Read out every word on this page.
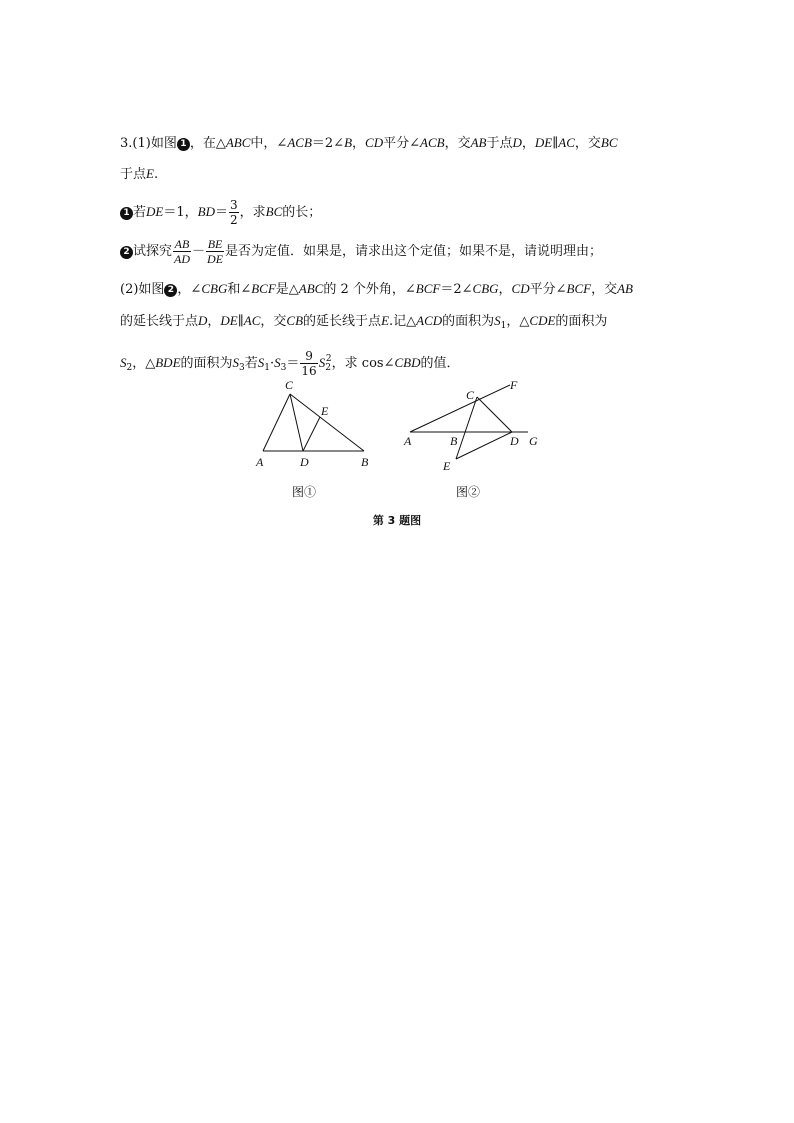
3.(1)如图 1 ，在△ABC中，∠ACB＝2∠B，CD平分∠ACB，交AB于点D，DE∥AC，交BC
于点E.
1 若DE＝1，$BD= \frac{3}{2}$ ，求BC的长；
2 试探究 $\frac{AB}{AD} - \frac{BE}{DE}$ 是否为定值．如果是，请求出这个定值；如果不是，请说明理由；
(2)如图 2 ，∠CBG和∠BCF是△ABC的 2 个外角，∠BCF＝2∠CBG，CD平分∠BCF，交AB
的延长线于点D，DE∥AC，交CB的延长线于点E.记△ACD的面积为$S_1$，△CDE的面积为
$S_2$，△BDE的面积为$S_3$若$S_1\cdot S_3= \frac{9}{16} S_2^2$，求 cos∠CBD的值．
C
E
A	D	B
图①
C
F
A	B	D G
E
图②
第 3 题图
